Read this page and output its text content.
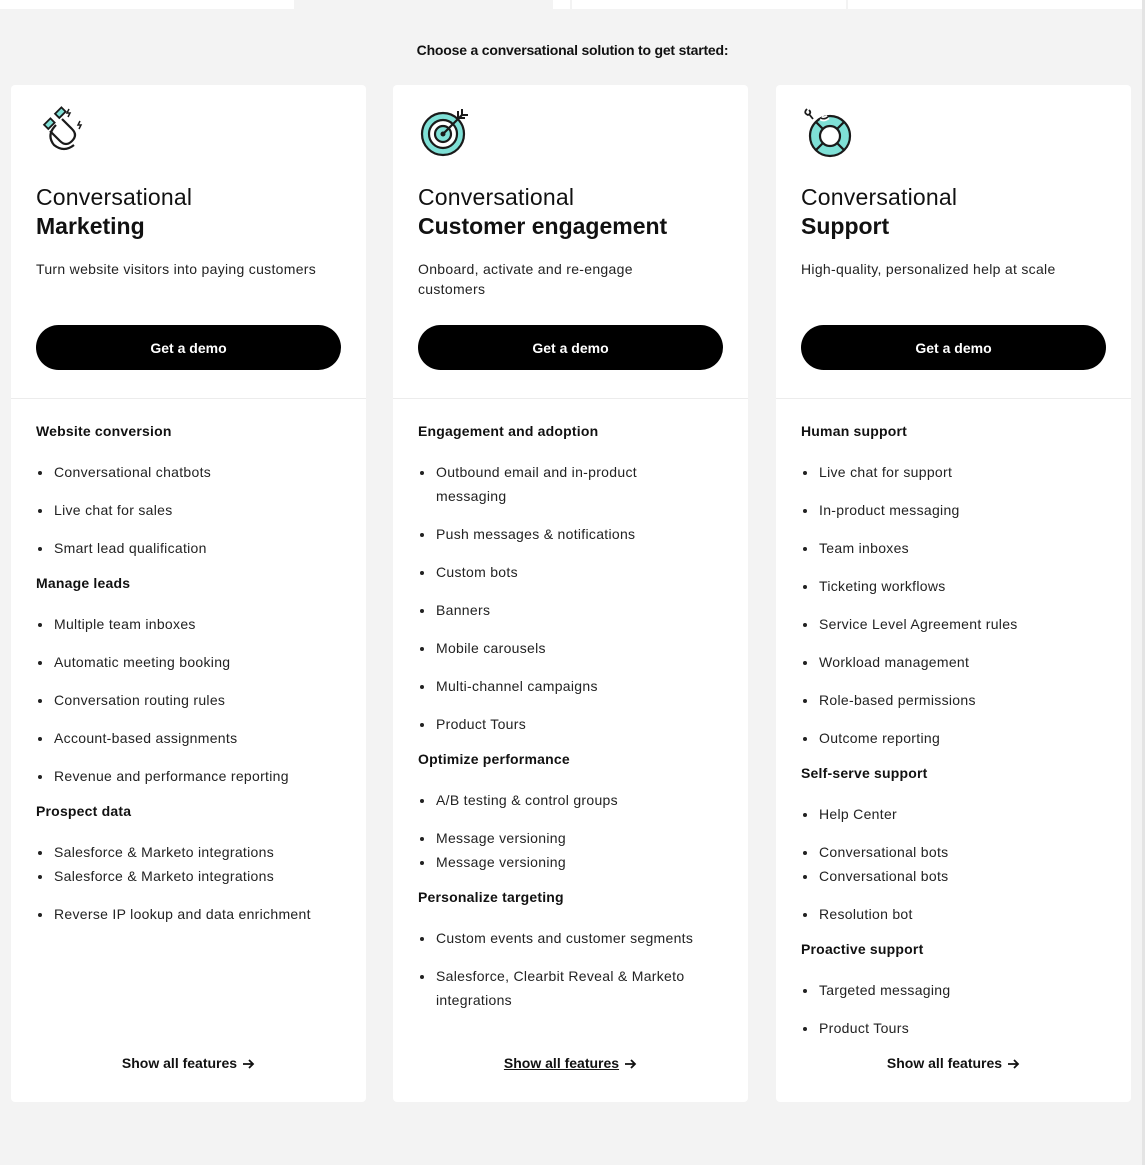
Choose a conversational solution to get started:
Conversational
Marketing
Turn website visitors into paying customers
Get a demo
Website conversion
Conversational chatbots
Live chat for sales
Smart lead qualification
Manage leads
Multiple team inboxes
Automatic meeting booking
Conversation routing rules
Account-based assignments
Revenue and performance reporting
Prospect data
Salesforce & Marketo integrations
Salesforce & Marketo integrations
Reverse IP lookup and data enrichment
Show all features
Conversational
Customer engagement
Onboard, activate and re-engage customers
Get a demo
Engagement and adoption
Outbound email and in-product messaging
Push messages & notifications
Custom bots
Banners
Mobile carousels
Multi-channel campaigns
Product Tours
Optimize performance
A/B testing & control groups
Message versioning
Message versioning
Personalize targeting
Custom events and customer segments
Salesforce, Clearbit Reveal & Marketo integrations
Show all features
Conversational
Support
High-quality, personalized help at scale
Get a demo
Human support
Live chat for support
In-product messaging
Team inboxes
Ticketing workflows
Service Level Agreement rules
Workload management
Role-based permissions
Outcome reporting
Self-serve support
Help Center
Conversational bots
Conversational bots
Resolution bot
Proactive support
Targeted messaging
Product Tours
Show all features
